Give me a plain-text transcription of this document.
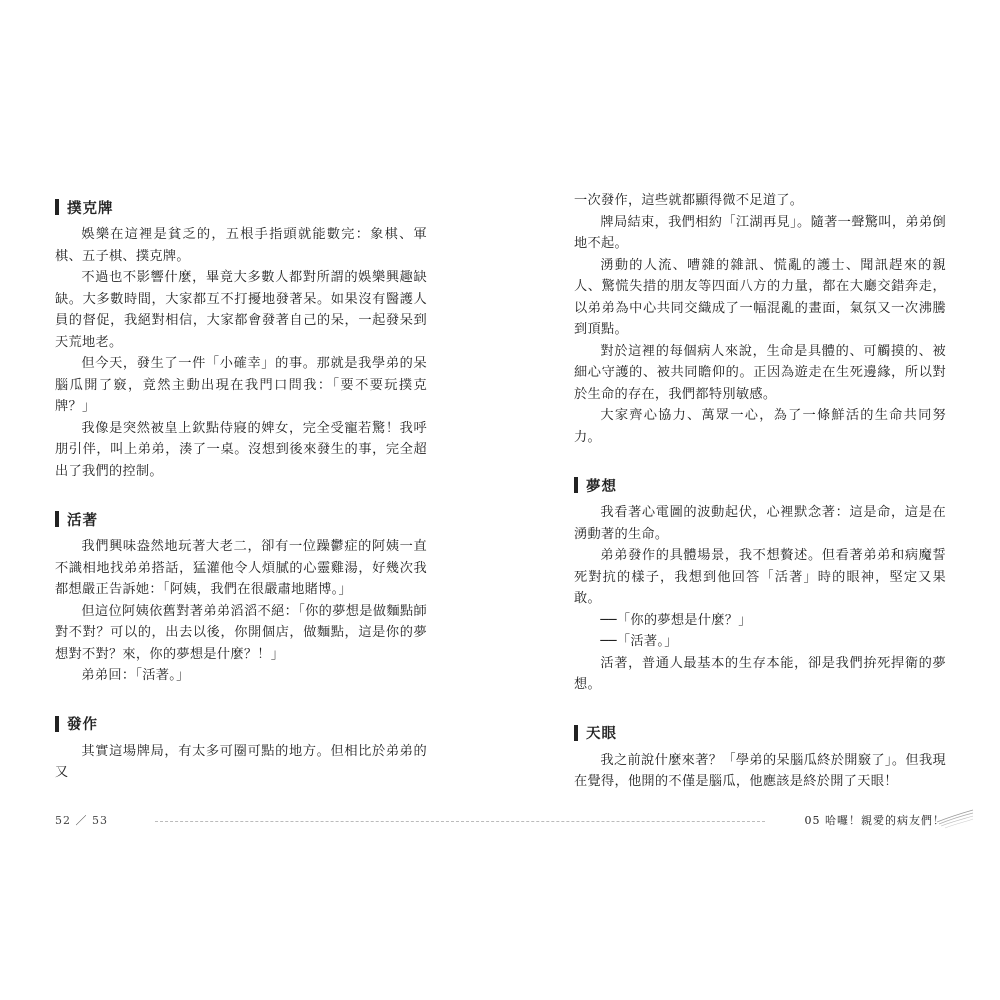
撲克牌

娛樂在這裡是貧乏的，五根手指頭就能數完：象棋、軍棋、五子棋、撲克牌。

不過也不影響什麼，畢竟大多數人都對所謂的娛樂興趣缺缺。大多數時間，大家都互不打擾地發著呆。如果沒有醫護人員的督促，我絕對相信，大家都會發著自己的呆，一起發呆到天荒地老。

但今天，發生了一件「小確幸」的事。那就是我學弟的呆腦瓜開了竅，竟然主動出現在我門口問我：「要不要玩撲克牌？」

我像是突然被皇上欽點侍寢的婢女，完全受寵若驚！我呼朋引伴，叫上弟弟，湊了一桌。沒想到後來發生的事，完全超出了我們的控制。

活著

我們興味盎然地玩著大老二，卻有一位躁鬱症的阿姨一直不識相地找弟弟搭話，猛灌他令人煩膩的心靈雞湯，好幾次我都想嚴正告訴她：「阿姨，我們在很嚴肅地賭博。」

但這位阿姨依舊對著弟弟滔滔不絕：「你的夢想是做麵點師對不對？可以的，出去以後，你開個店，做麵點，這是你的夢想對不對？來，你的夢想是什麼？！」

弟弟回：「活著。」

發作

其實這場牌局，有太多可圈可點的地方。但相比於弟弟的又

一次發作，這些就都顯得微不足道了。

牌局結束，我們相約「江湖再見」。隨著一聲驚叫，弟弟倒地不起。

湧動的人流、嘈雜的雜訊、慌亂的護士、聞訊趕來的親人、驚慌失措的朋友等四面八方的力量，都在大廳交錯奔走，以弟弟為中心共同交織成了一幅混亂的畫面，氣氛又一次沸騰到頂點。

對於這裡的每個病人來說，生命是具體的、可觸摸的、被細心守護的、被共同瞻仰的。正因為遊走在生死邊緣，所以對於生命的存在，我們都特別敏感。

大家齊心協力、萬眾一心，為了一條鮮活的生命共同努力。

夢想

我看著心電圖的波動起伏，心裡默念著：這是命，這是在湧動著的生命。

弟弟發作的具體場景，我不想贅述。但看著弟弟和病魔誓死對抗的樣子，我想到他回答「活著」時的眼神，堅定又果敢。

──「你的夢想是什麼？」

──「活著。」

活著，普通人最基本的生存本能，卻是我們拚死捍衛的夢想。

天眼

我之前說什麼來著？「學弟的呆腦瓜終於開竅了」。但我現在覺得，他開的不僅是腦瓜，他應該是終於開了天眼！

52 ／ 53	05 哈囉！親愛的病友們！
